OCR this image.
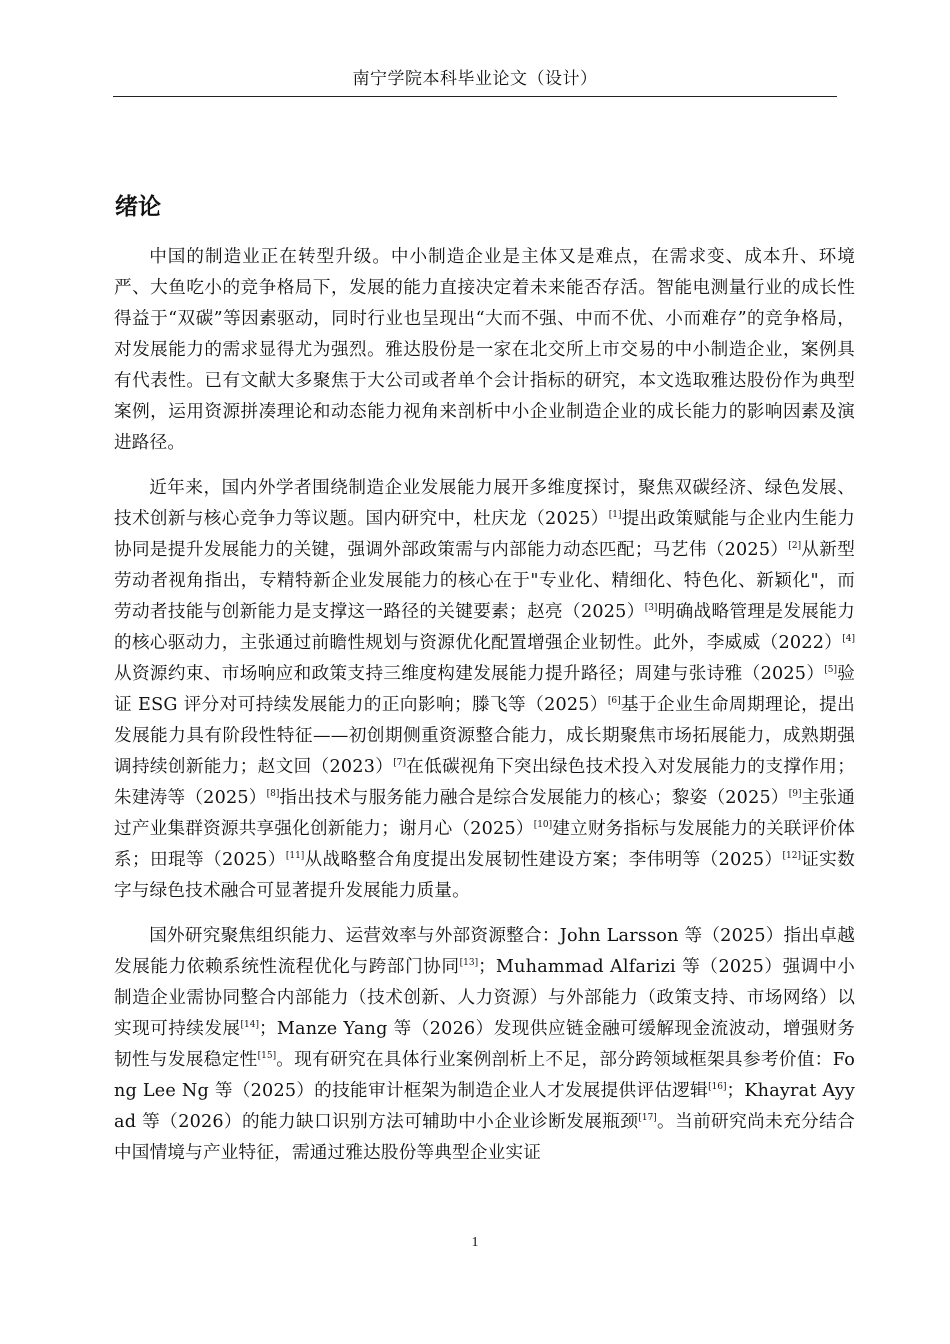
南宁学院本科毕业论文（设计）
绪论

中国的制造业正在转型升级。中小制造企业是主体又是难点，在需求变、成本升、环境严、大鱼吃小的竞争格局下，发展的能力直接决定着未来能否存活。智能电测量行业的成长性得益于“双碳”等因素驱动，同时行业也呈现出“大而不强、中而不优、小而难存”的竞争格局，对发展能力的需求显得尤为强烈。雅达股份是一家在北交所上市交易的中小制造企业，案例具有代表性。已有文献大多聚焦于大公司或者单个会计指标的研究，本文选取雅达股份作为典型案例，运用资源拼凑理论和动态能力视角来剖析中小企业制造企业的成长能力的影响因素及演进路径。

近年来，国内外学者围绕制造企业发展能力展开多维度探讨，聚焦双碳经济、绿色发展、技术创新与核心竞争力等议题。国内研究中，杜庆龙（2025）[1]提出政策赋能与企业内生能力协同是提升发展能力的关键，强调外部政策需与内部能力动态匹配；马艺伟（2025）[2]从新型劳动者视角指出，专精特新企业发展能力的核心在于"专业化、精细化、特色化、新颖化"，而劳动者技能与创新能力是支撑这一路径的关键要素；赵亮（2025）[3]明确战略管理是发展能力的核心驱动力，主张通过前瞻性规划与资源优化配置增强企业韧性。此外，李威威（2022）[4]从资源约束、市场响应和政策支持三维度构建发展能力提升路径；周建与张诗雅（2025）[5]验证 ESG 评分对可持续发展能力的正向影响；滕飞等（2025）[6]基于企业生命周期理论，提出发展能力具有阶段性特征——初创期侧重资源整合能力，成长期聚焦市场拓展能力，成熟期强调持续创新能力；赵文回（2023）[7]在低碳视角下突出绿色技术投入对发展能力的支撑作用；朱建涛等（2025）[8]指出技术与服务能力融合是综合发展能力的核心；黎姿（2025）[9]主张通过产业集群资源共享强化创新能力；谢月心（2025）[10]建立财务指标与发展能力的关联评价体系；田琨等（2025）[11]从战略整合角度提出发展韧性建设方案；李伟明等（2025）[12]证实数字与绿色技术融合可显著提升发展能力质量。

国外研究聚焦组织能力、运营效率与外部资源整合：John Larsson 等（2025）指出卓越发展能力依赖系统性流程优化与跨部门协同[13]；Muhammad Alfarizi 等（2025）强调中小制造企业需协同整合内部能力（技术创新、人力资源）与外部能力（政策支持、市场网络）以实现可持续发展[14]；Manze Yang 等（2026）发现供应链金融可缓解现金流波动，增强财务韧性与发展稳定性[15]。现有研究在具体行业案例剖析上不足，部分跨领域框架具参考价值：Fong Lee Ng 等（2025）的技能审计框架为制造企业人才发展提供评估逻辑[16]；Khayrat Ayyad 等（2026）的能力缺口识别方法可辅助中小企业诊断发展瓶颈[17]。当前研究尚未充分结合中国情境与产业特征，需通过雅达股份等典型企业实证

1
